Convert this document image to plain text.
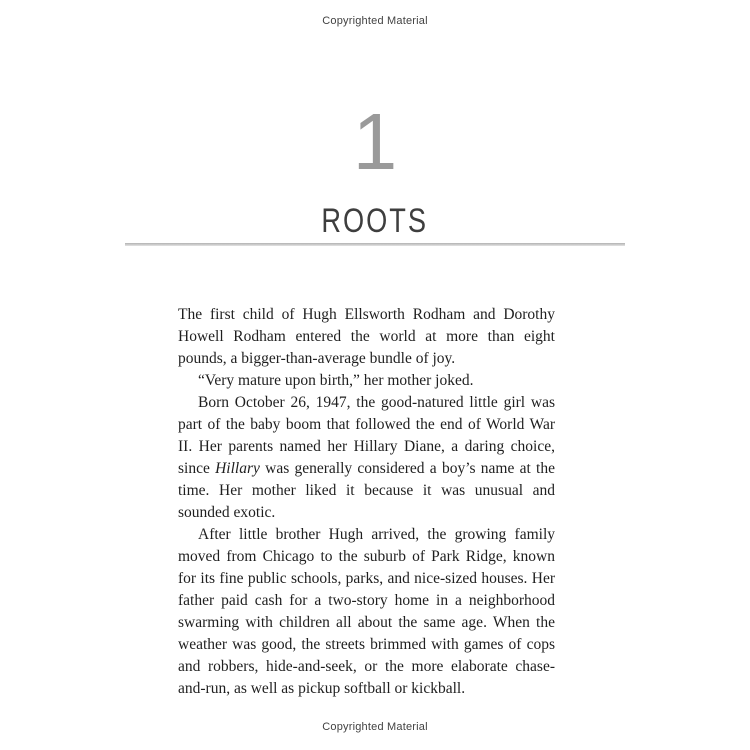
Copyrighted Material
1
ROOTS

The first child of Hugh Ellsworth Rodham and Dorothy Howell Rodham entered the world at more than eight pounds, a bigger-than-average bundle of joy.

“Very mature upon birth,” her mother joked.

Born October 26, 1947, the good-natured little girl was part of the baby boom that followed the end of World War II. Her parents named her Hillary Diane, a daring choice, since Hillary was generally considered a boy’s name at the time. Her mother liked it because it was unusual and sounded exotic.

After little brother Hugh arrived, the growing family moved from Chicago to the suburb of Park Ridge, known for its fine public schools, parks, and nice-sized houses. Her father paid cash for a two-story home in a neighborhood swarming with children all about the same age. When the weather was good, the streets brimmed with games of cops and robbers, hide-and-seek, or the more elaborate chase-and-run, as well as pickup softball or kickball.

Copyrighted Material
